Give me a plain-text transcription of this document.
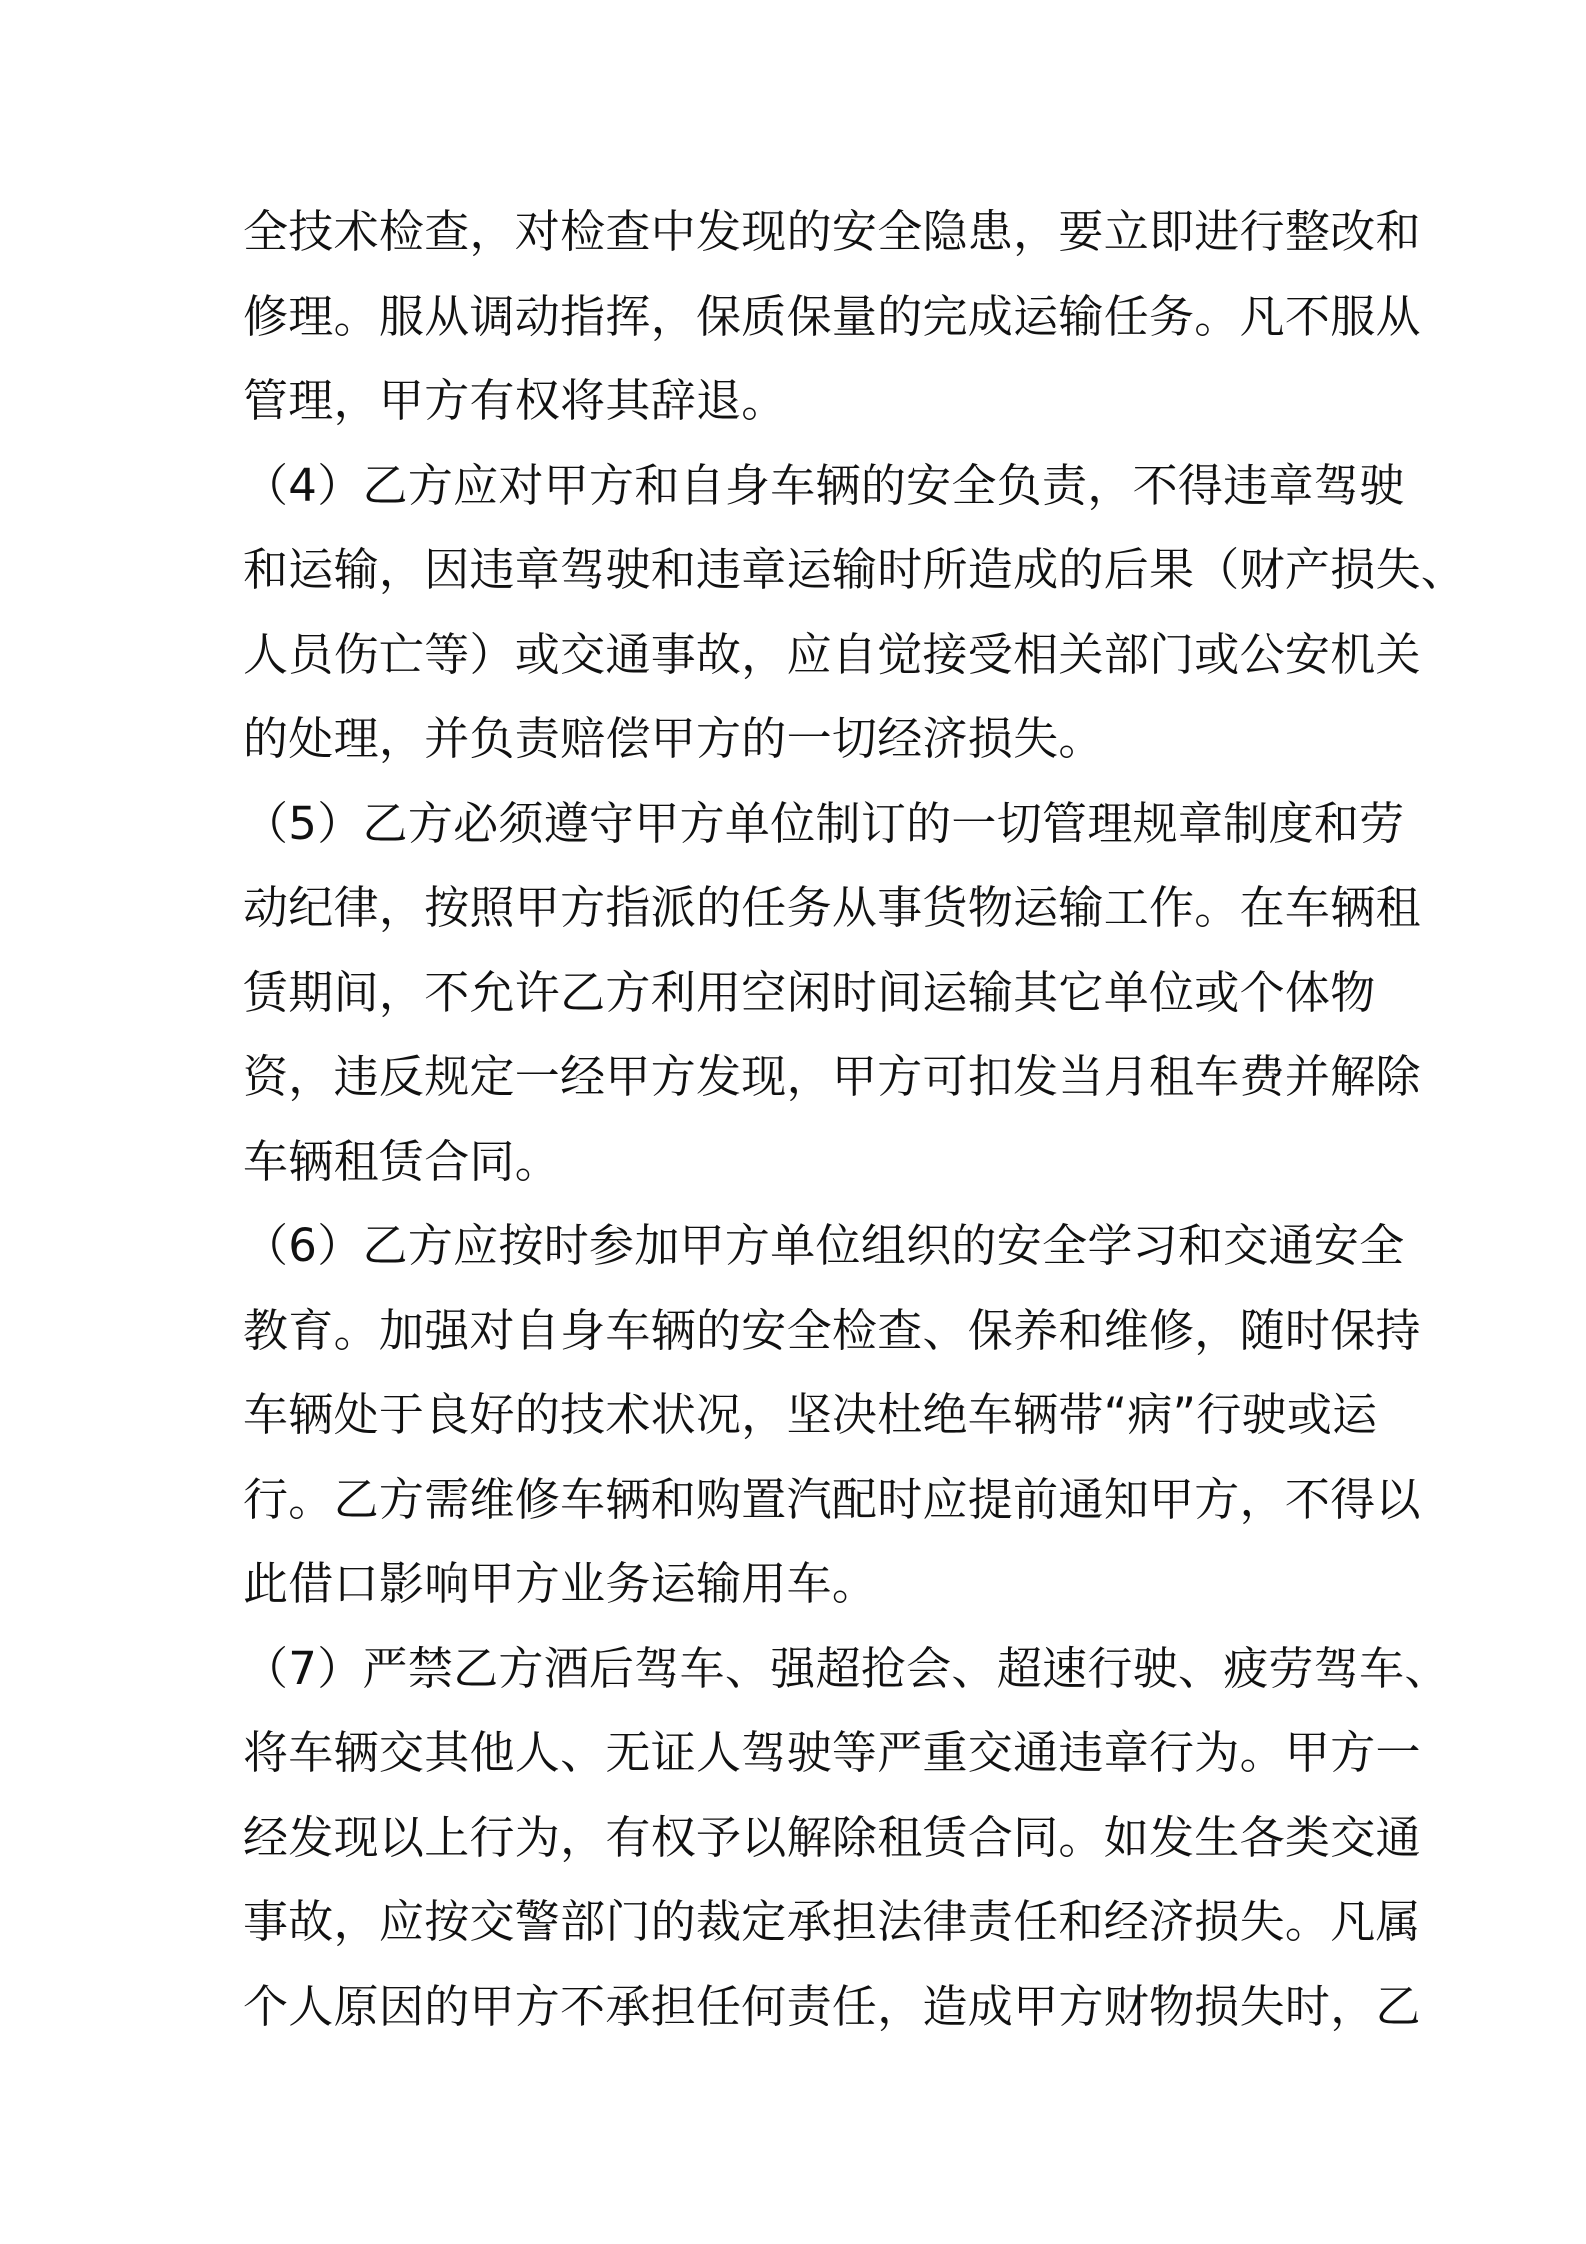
全技术检查，对检查中发现的安全隐患，要立即进行整改和
修理。服从调动指挥，保质保量的完成运输任务。凡不服从
管理，甲方有权将其辞退。
（4）乙方应对甲方和自身车辆的安全负责，不得违章驾驶
和运输，因违章驾驶和违章运输时所造成的后果（财产损失、
人员伤亡等）或交通事故，应自觉接受相关部门或公安机关
的处理，并负责赔偿甲方的一切经济损失。
（5）乙方必须遵守甲方单位制订的一切管理规章制度和劳
动纪律，按照甲方指派的任务从事货物运输工作。在车辆租
赁期间，不允许乙方利用空闲时间运输其它单位或个体物
资，违反规定一经甲方发现，甲方可扣发当月租车费并解除
车辆租赁合同。
（6）乙方应按时参加甲方单位组织的安全学习和交通安全
教育。加强对自身车辆的安全检查、保养和维修，随时保持
车辆处于良好的技术状况，坚决杜绝车辆带“病”行驶或运
行。乙方需维修车辆和购置汽配时应提前通知甲方，不得以
此借口影响甲方业务运输用车。
（7）严禁乙方酒后驾车、强超抢会、超速行驶、疲劳驾车、
将车辆交其他人、无证人驾驶等严重交通违章行为。甲方一
经发现以上行为，有权予以解除租赁合同。如发生各类交通
事故，应按交警部门的裁定承担法律责任和经济损失。凡属
个人原因的甲方不承担任何责任，造成甲方财物损失时，乙
